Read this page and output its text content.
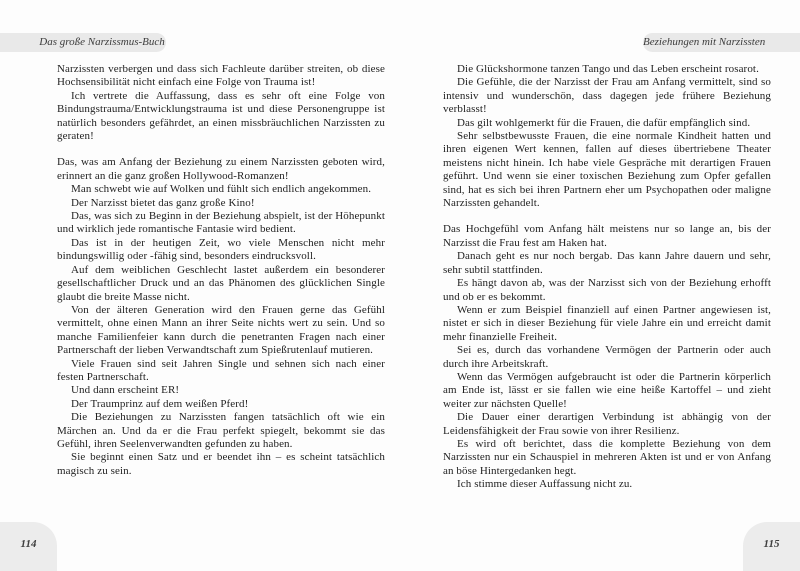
Das große Narzissmus-Buch

Narzissten verbergen und dass sich Fachleute darüber streiten, ob diese Hochsensibilität nicht einfach eine Folge von Trauma ist!

Ich vertrete die Auffassung, dass es sehr oft eine Folge von Bindungstrauma/Entwicklungstrauma ist und diese Personengruppe ist natürlich besonders gefährdet, an einen missbräuchlichen Narzissten zu geraten!

Das, was am Anfang der Beziehung zu einem Narzissten geboten wird, erinnert an die ganz großen Hollywood-Romanzen!

Man schwebt wie auf Wolken und fühlt sich endlich angekommen.

Der Narzisst bietet das ganz große Kino!

Das, was sich zu Beginn in der Beziehung abspielt, ist der Höhepunkt und wirklich jede romantische Fantasie wird bedient.

Das ist in der heutigen Zeit, wo viele Menschen nicht mehr bindungswillig oder -fähig sind, besonders eindrucksvoll.

Auf dem weiblichen Geschlecht lastet außerdem ein besonderer gesellschaftlicher Druck und an das Phänomen des glücklichen Single glaubt die breite Masse nicht.

Von der älteren Generation wird den Frauen gerne das Gefühl vermittelt, ohne einen Mann an ihrer Seite nichts wert zu sein. Und so manche Familienfeier kann durch die penetranten Fragen nach einer Partnerschaft der lieben Verwandtschaft zum Spießrutenlauf mutieren.

Viele Frauen sind seit Jahren Single und sehnen sich nach einer festen Partnerschaft.

Und dann erscheint ER!

Der Traumprinz auf dem weißen Pferd!

Die Beziehungen zu Narzissten fangen tatsächlich oft wie ein Märchen an. Und da er die Frau perfekt spiegelt, bekommt sie das Gefühl, ihren Seelenverwandten gefunden zu haben.

Sie beginnt einen Satz und er beendet ihn – es scheint tatsächlich magisch zu sein.

114
Beziehungen mit Narzissten

Die Glückshormone tanzen Tango und das Leben erscheint rosarot.

Die Gefühle, die der Narzisst der Frau am Anfang vermittelt, sind so intensiv und wunderschön, dass dagegen jede frühere Beziehung verblasst!

Das gilt wohlgemerkt für die Frauen, die dafür empfänglich sind.

Sehr selbstbewusste Frauen, die eine normale Kindheit hatten und ihren eigenen Wert kennen, fallen auf dieses übertriebene Theater meistens nicht hinein. Ich habe viele Gespräche mit derartigen Frauen geführt. Und wenn sie einer toxischen Beziehung zum Opfer gefallen sind, hat es sich bei ihren Partnern eher um Psychopathen oder maligne Narzissten gehandelt.

Das Hochgefühl vom Anfang hält meistens nur so lange an, bis der Narzisst die Frau fest am Haken hat.

Danach geht es nur noch bergab. Das kann Jahre dauern und sehr, sehr subtil stattfinden.

Es hängt davon ab, was der Narzisst sich von der Beziehung erhofft und ob er es bekommt.

Wenn er zum Beispiel finanziell auf einen Partner angewiesen ist, nistet er sich in dieser Beziehung für viele Jahre ein und erreicht damit mehr finanzielle Freiheit.

Sei es, durch das vorhandene Vermögen der Partnerin oder auch durch ihre Arbeitskraft.

Wenn das Vermögen aufgebraucht ist oder die Partnerin körperlich am Ende ist, lässt er sie fallen wie eine heiße Kartoffel – und zieht weiter zur nächsten Quelle!

Die Dauer einer derartigen Verbindung ist abhängig von der Leidensfähigkeit der Frau sowie von ihrer Resilienz.

Es wird oft berichtet, dass die komplette Beziehung von dem Narzissten nur ein Schauspiel in mehreren Akten ist und er von Anfang an böse Hintergedanken hegt.

Ich stimme dieser Auffassung nicht zu.

115
